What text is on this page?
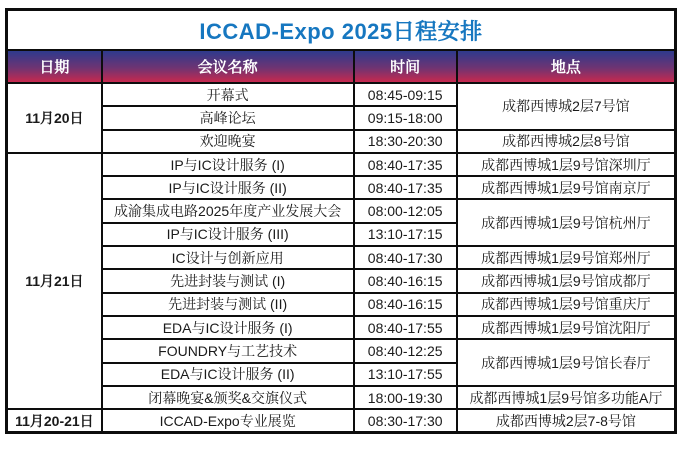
ICCAD-Expo 2025日程安排			
日期	会议名称	时间	地点
11月20日	开幕式	08:45-09:15	成都西博城2层7号馆
	高峰论坛	09:15-18:00	
	欢迎晚宴	18:30-20:30	成都西博城2层8号馆
11月21日	IP与IC设计服务 (I)	08:40-17:35	成都西博城1层9号馆深圳厅
	IP与IC设计服务 (II)	08:40-17:35	成都西博城1层9号馆南京厅
	成渝集成电路2025年度产业发展大会	08:00-12:05	成都西博城1层9号馆杭州厅
	IP与IC设计服务 (III)	13:10-17:15	
	IC设计与创新应用	08:40-17:30	成都西博城1层9号馆郑州厅
	先进封装与测试 (I)	08:40-16:15	成都西博城1层9号馆成都厅
	先进封装与测试 (II)	08:40-16:15	成都西博城1层9号馆重庆厅
	EDA与IC设计服务 (I)	08:40-17:55	成都西博城1层9号馆沈阳厅
	FOUNDRY与工艺技术	08:40-12:25	成都西博城1层9号馆长春厅
	EDA与IC设计服务 (II)	13:10-17:55	
	闭幕晚宴&颁奖&交旗仪式	18:00-19:30	成都西博城1层9号馆多功能A厅
11月20-21日	ICCAD-Expo专业展览	08:30-17:30	成都西博城2层7-8号馆
